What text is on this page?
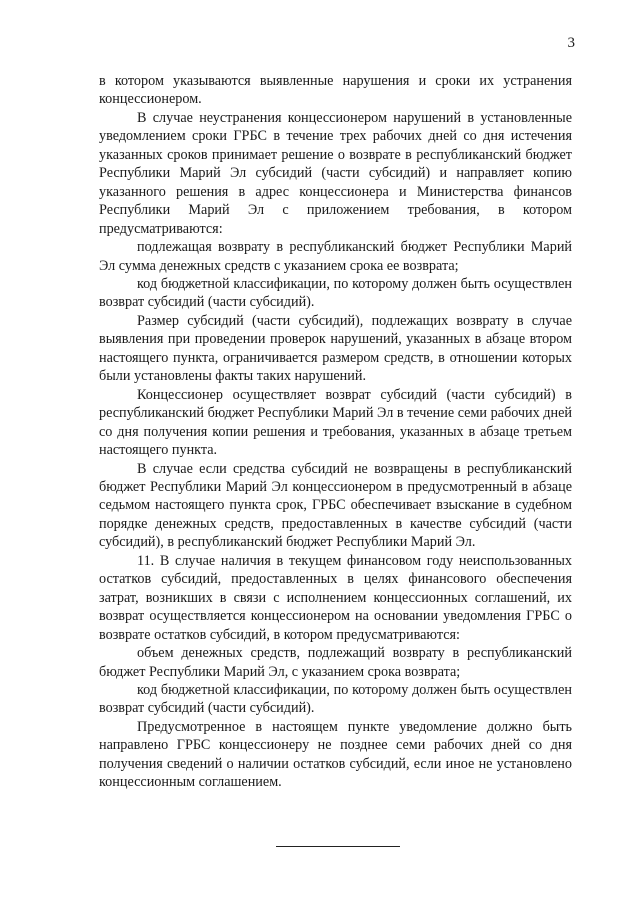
3

в котором указываются выявленные нарушения и сроки их устранения концессионером.

В случае неустранения концессионером нарушений в установленные уведомлением сроки ГРБС в течение трех рабочих дней со дня истечения указанных сроков принимает решение о возврате в республиканский бюджет Республики Марий Эл субсидий (части субсидий) и направляет копию указанного решения в адрес концессионера и Министерства финансов Республики Марий Эл с приложением требования, в котором предусматриваются:

подлежащая возврату в республиканский бюджет Республики Марий Эл сумма денежных средств с указанием срока ее возврата;

код бюджетной классификации, по которому должен быть осуществлен возврат субсидий (части субсидий).

Размер субсидий (части субсидий), подлежащих возврату в случае выявления при проведении проверок нарушений, указанных в абзаце втором настоящего пункта, ограничивается размером средств, в отношении которых были установлены факты таких нарушений.

Концессионер осуществляет возврат субсидий (части субсидий) в республиканский бюджет Республики Марий Эл в течение семи рабочих дней со дня получения копии решения и требования, указанных в абзаце третьем настоящего пункта.

В случае если средства субсидий не возвращены в республиканский бюджет Республики Марий Эл концессионером в предусмотренный в абзаце седьмом настоящего пункта срок, ГРБС обеспечивает взыскание в судебном порядке денежных средств, предоставленных в качестве субсидий (части субсидий), в республиканский бюджет Республики Марий Эл.

11. В случае наличия в текущем финансовом году неиспользованных остатков субсидий, предоставленных в целях финансового обеспечения затрат, возникших в связи с исполнением концессионных соглашений, их возврат осуществляется концессионером на основании уведомления ГРБС о возврате остатков субсидий, в котором предусматриваются:

объем денежных средств, подлежащий возврату в республиканский бюджет Республики Марий Эл, с указанием срока возврата;

код бюджетной классификации, по которому должен быть осуществлен возврат субсидий (части субсидий).

Предусмотренное в настоящем пункте уведомление должно быть направлено ГРБС концессионеру не позднее семи рабочих дней со дня получения сведений о наличии остатков субсидий, если иное не установлено концессионным соглашением.
